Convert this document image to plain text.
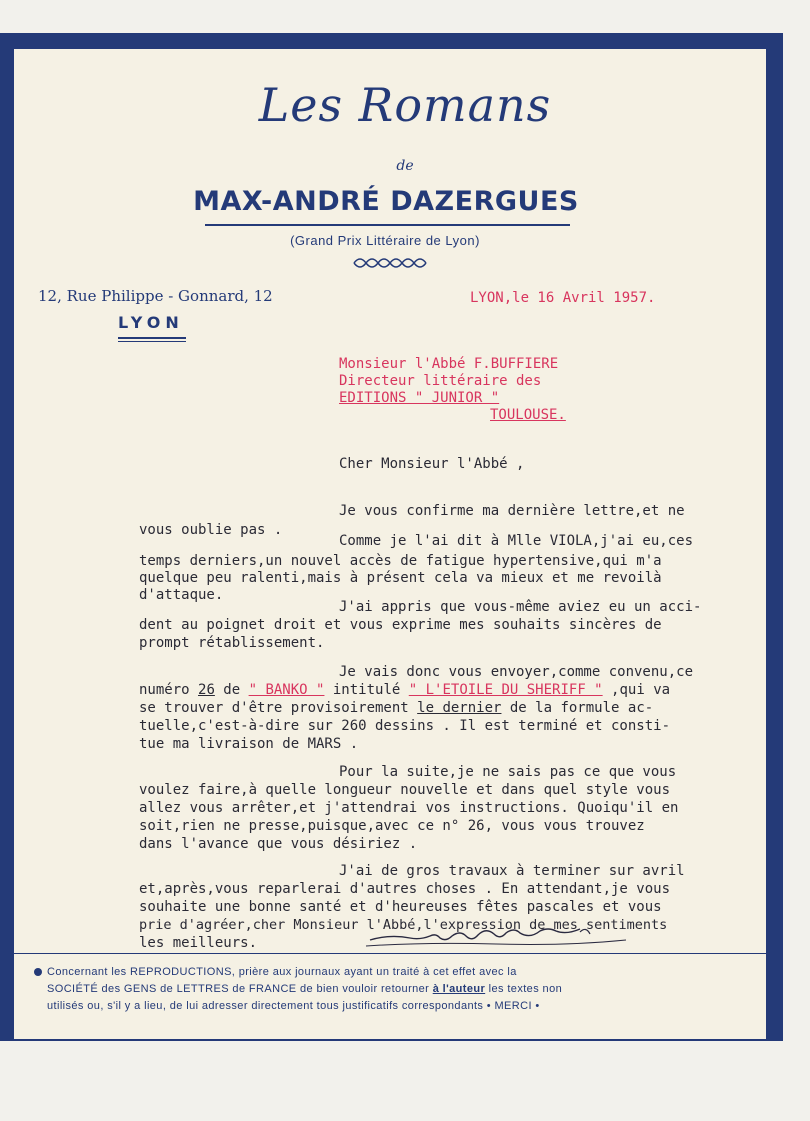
Les Romans
de
MAX-ANDRÉ DAZERGUES
(Grand Prix Littéraire de Lyon)
12, Rue Philippe - Gonnard, 12
LYON
LYON,le 16 Avril 1957.
Monsieur l'Abbé F.BUFFIERE
Directeur littéraire des
EDITIONS " JUNIOR "
TOULOUSE.
Cher Monsieur l'Abbé ,
Je vous confirme ma dernière lettre,et ne
vous oublie pas .
Comme je l'ai dit à Mlle VIOLA,j'ai eu,ces
temps derniers,un nouvel accès de fatigue hypertensive,qui m'a
quelque peu ralenti,mais à présent cela va mieux et me revoilà
d'attaque.
J'ai appris que vous-même aviez eu un acci-
dent au poignet droit et vous exprime mes souhaits sincères de
prompt rétablissement.
Je vais donc vous envoyer,comme convenu,ce
numéro 26 de " BANKO " intitulé " L'ETOILE DU SHERIFF " ,qui va
se trouver d'être provisoirement le dernier de la formule ac-
tuelle,c'est-à-dire sur 260 dessins . Il est terminé et consti-
tue ma livraison de MARS .
Pour la suite,je ne sais pas ce que vous
voulez faire,à quelle longueur nouvelle et dans quel style vous
allez vous arrêter,et j'attendrai vos instructions. Quoiqu'il en
soit,rien ne presse,puisque,avec ce n° 26, vous vous trouvez
dans l'avance que vous désiriez .
J'ai de gros travaux à terminer sur avril
et,après,vous reparlerai d'autres choses . En attendant,je vous
souhaite une bonne santé et d'heureuses fêtes pascales et vous
prie d'agréer,cher Monsieur l'Abbé,l'expression de mes sentiments
les meilleurs.
Concernant les REPRODUCTIONS, prière aux journaux ayant un traité à cet effet avec la
SOCIÉTÉ des GENS de LETTRES de FRANCE de bien vouloir retourner à l'auteur les textes non
utilisés ou, s'il y a lieu, de lui adresser directement tous justificatifs correspondants • MERCI •
